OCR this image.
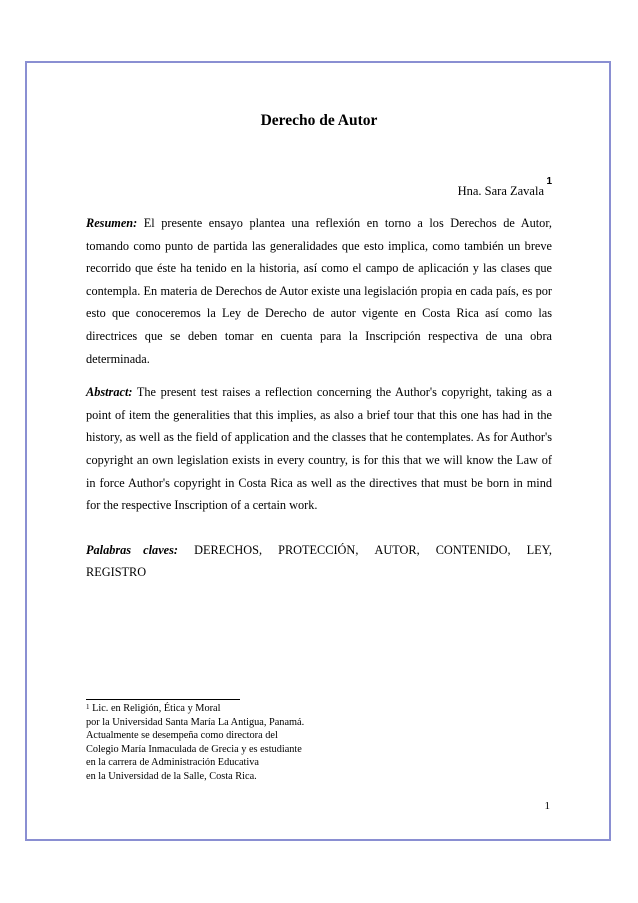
Derecho de Autor
Hna. Sara Zavala
1

Resumen: El presente ensayo plantea una reflexión en torno a los Derechos de Autor, tomando como punto de partida las generalidades que esto implica, como también un breve recorrido que éste ha tenido en la historia, así como el campo de aplicación y las clases que contempla. En materia de Derechos de Autor existe una legislación propia en cada país, es por esto que conoceremos la Ley de Derecho de autor vigente en Costa Rica así como las directrices que se deben tomar en cuenta para la Inscripción respectiva de una obra determinada.

Abstract: The present test raises a reflection concerning the Author's copyright, taking as a point of item the generalities that this implies, as also a brief tour that this one has had in the history, as well as the field of application and the classes that he contemplates. As for Author's copyright an own legislation exists in every country, is for this that we will know the Law of in force Author's copyright in Costa Rica as well as the directives that must be born in mind for the respective Inscription of a certain work.

Palabras claves: DERECHOS, PROTECCIÓN, AUTOR, CONTENIDO, LEY,
REGISTRO
$^1$ Lic. en Religión, Ética y Moral
por la Universidad Santa María La Antigua, Panamá.
Actualmente se desempeña como directora del
Colegio María Inmaculada de Grecia y es estudiante
en la carrera de Administración Educativa
en la Universidad de la Salle, Costa Rica.
1
